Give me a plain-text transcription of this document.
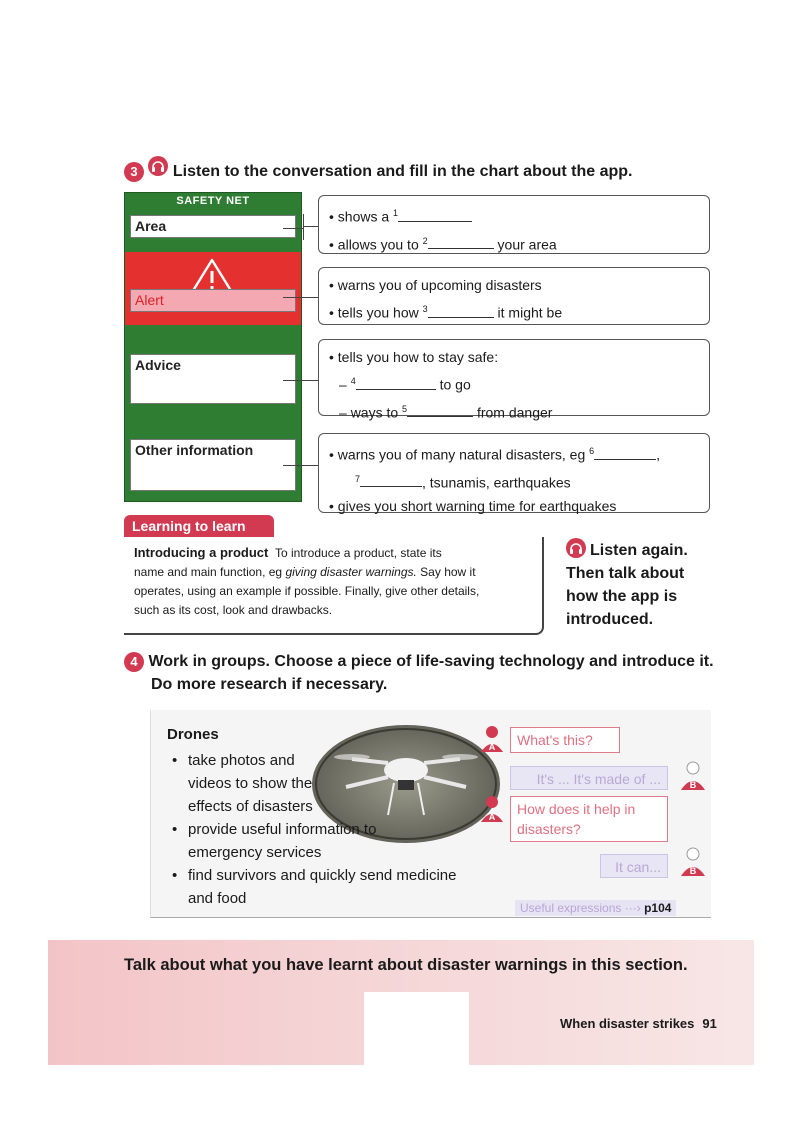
3 Listen to the conversation and fill in the chart about the app.
SAFETY NET
Area
Alert
Advice
Other information
• shows a $^1$
• allows you to $^2$	your area
• warns you of upcoming disasters
• tells you how $^3$	it might be
• tells you how to stay safe:
– $^4$	to go
– ways to $^5$	from danger
• warns you of many natural disasters, eg $^6$	,
$^7$	, tsunamis, earthquakes
• gives you short warning time for earthquakes
Learning to learn
Introducing a product To introduce a product, state its
name and main function, eg giving disaster warnings. Say how it
operates, using an example if possible. Finally, give other details,
such as its cost, look and drawbacks.
Listen again. Then talk about how the app is introduced.
4 Work in groups. Choose a piece of life-saving technology and introduce it.
Do more research if necessary.
Drones
• take photos and
videos to show the
effects of disasters
• provide useful information to
emergency services
• find survivors and quickly send medicine
and food
A	What's this?
It's ... It's made of ...	B
A How does it help in
disasters?
It can...	B
Useful expressions ···› p104
Talk about what you have learnt about disaster warnings in this section.
When disaster strikes 91
